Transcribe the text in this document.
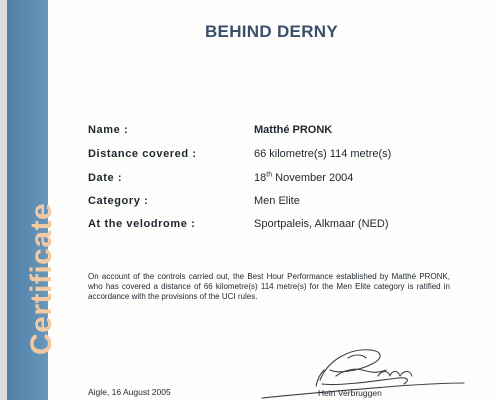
Certificate
BEHIND DERNY
Name :	Matthé PRONK
Distance covered :	66 kilometre(s) 114 metre(s)
Date :	18th November 2004
Category :	Men Elite
At the velodrome :	Sportpaleis, Alkmaar (NED)
On account of the controls carried out, the Best Hour Performance established by Matthé PRONK, who has covered a distance of 66 kilometre(s) 114 metre(s) for the Men Elite category is ratified in accordance with the provisions of the UCI rules.
Aigle, 16 August 2005	Hein Verbruggen
